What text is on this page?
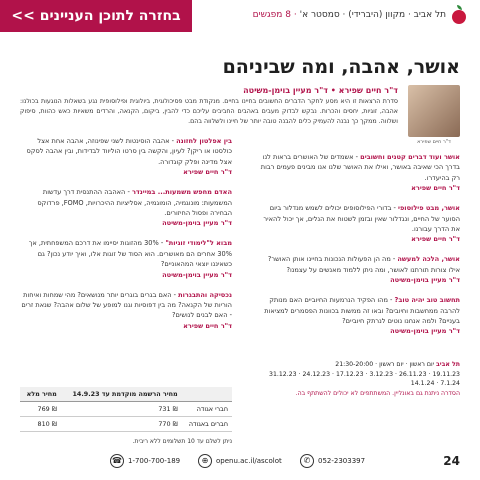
בחזרה לתוכן העניינים >>	תל אביב · מקוון (היברידי) · סמסטר א' · 8 מפגשים
אושר, אהבה, ומה שביניהם
ד"ר חיים שפירא
ד"ר חיים שפירא • ד"ר מעיין בוימן-משיטה
סדרת הרצאות זו היא מסע לחקר הדברים החשובים בחיינו בחיים. מנקודת מבט פסיכולוגית, ביולוגית ופילוסופית נגע בשאלות הנוגעות בכולנו: אהבה, זוגיות, יחסים והכרות. נבקש לבדוק מעבים באהבים החביבים עליכם כדי להבין, ביקום, הקנאה, והרדים משאיות כאש כהוות, סיפוק ושלווה. ממקך כך נבנה להעמיק כלים להבנה טובה יותר של חיינו ולשלווה בהם.
אושר ועוד דברים קטנים וחשובים - אשמדים של האושרים בראות לנו בדרך הכי שאיבה באושר, ואילו את האושר שלנו אנו מבינים פעמים רבות רק בהיעדרו.
ד"ר חיים שפירא
אושר, מבט פילוסופי - בדורי הפילוסופים יכולים לשמש מנדלור ביום הסוער של החיים, ונגדלור שאין ובזמן לשטוח את הנלים, אך יכול להאיר את הדרך עבורנו.
ד"ר חיים שפירא
אושר, הלכה למעשה - מה הן הפעולות הנכונות בחיינו אותן האושר? אילו צורות תורתנו לאושר, ומה ניתן ללמוד מאנשים על עצמנו?
ד"ר מעיין בוימן-משיטה
תחשוב טוב יהיה טוב? - מהו הפקיד הנרמעות החיוביים האם מנותק להרבה ממחשבות וחיובים? ובאו זה ממשות בכוונות הפסמרים למציאות בעניים? ולמה אנחנו נוטים לנרתק חיוביים?
ד"ר מעיין בוימן-משיטה
בין אפלטון לחזונה - אהבה הוסינטות לשני שפינוזה, אהבה אחת אצל כולסטו או ריקן? לעיון, והקשה בין סרטו הוליווד לבדידות, ובין אהבה לסקס אצל מדינה ופלק קוגדורה.
ד"ר חיים שפירא
האדם מחפש משמעות... במיינדר - האהבה ההתנסית דרך עדשות המשמעות: מונוגמיה, הומוגמיה, אסליציות ההיכרויות, FOMO, פרדוקס הבחירה ופסול החיזורים.
ד"ר מעיין בוימן-משיטה
מבוא ל"לימודי זוגיות" - 30% מהזוגות יסיימו את דרכם המשפחתית, אך 30% אחרים הם מאושרים. הוא הסוד של זוגות אלו, ואיך יודע נכון? גם כשאיננו יוצאי המהאוניים?
ד"ר מעיין בוימן-משיטה
נכסיקה והתבגרות - האם בגרים בוגרים יותר מנושאים? מהי שמחות ואיחות הוריות של הקנאה? מה בין דפוסיות וגנו למופע של שלום אהבה? שנאת זרים - האם לבנים לנושים?
ד"ר חיים שפירא
תל אביב יום ראשון · יום ראשון · 21:30-20:00
19.11.23 · 26.11.23 · 3.12.23 · 17.12.23 · 24.12.23 · 31.12.23
7.1.24 · 14.1.24
הסדרה ניתנת גם באונליין. המשתתפים לא יכולים להשתתף בה.
	מחיר הרשמה מוקדמת עד 14.9.23	מחיר מלא
חברי אגודה	₪ 731	₪ 769
חברים באגודה	₪ 770	₪ 810
ניתן לשלם עד 10 תשלומים ללא ריבית.
24
✆	052-2303397
⊕	openu.ac.il/ascolot
☎ 1-700-700-189
